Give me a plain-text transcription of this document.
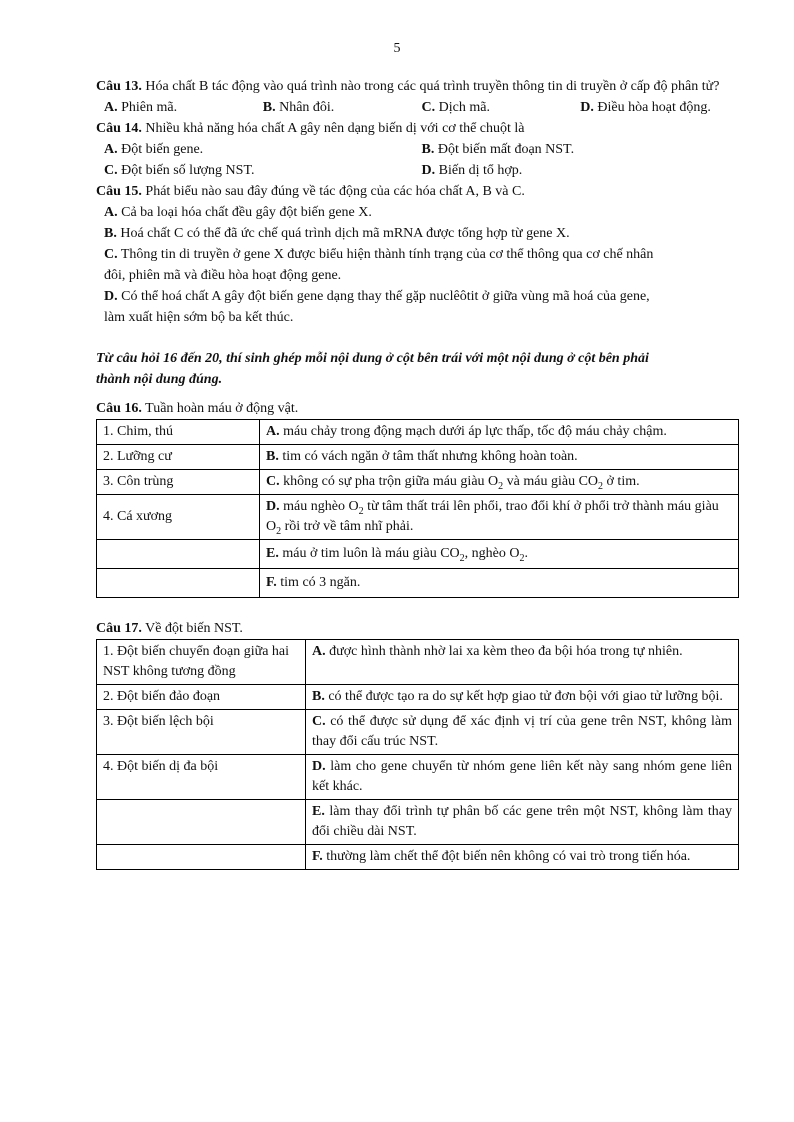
5
Câu 13. Hóa chất B tác động vào quá trình nào trong các quá trình truyền thông tin di truyền ở cấp độ phân tử?
A. Phiên mã.	B. Nhân đôi.	C. Dịch mã.	D. Điều hòa hoạt động.
Câu 14. Nhiều khả năng hóa chất A gây nên dạng biến dị với cơ thể chuột là
A. Đột biến gene.	B. Đột biến mất đoạn NST.
C. Đột biến số lượng NST.	D. Biến dị tổ hợp.
Câu 15. Phát biểu nào sau đây đúng về tác động của các hóa chất A, B và C.
A. Cả ba loại hóa chất đều gây đột biến gene X.
B. Hoá chất C có thể đã ức chế quá trình dịch mã mRNA được tổng hợp từ gene X.
C. Thông tin di truyền ở gene X được biểu hiện thành tính trạng của cơ thể thông qua cơ chế nhân
đôi, phiên mã và điều hòa hoạt động gene.
D. Có thể hoá chất A gây đột biến gene dạng thay thế gặp nuclêôtit ở giữa vùng mã hoá của gene,
làm xuất hiện sớm bộ ba kết thúc.
Từ câu hỏi 16 đến 20, thí sinh ghép mỗi nội dung ở cột bên trái với một nội dung ở cột bên phải
thành nội dung đúng.
Câu 16. Tuần hoàn máu ở động vật.
1. Chim, thú	A. máu chảy trong động mạch dưới áp lực thấp, tốc độ máu chảy chậm.
2. Lưỡng cư	B. tim có vách ngăn ở tâm thất nhưng không hoàn toàn.
3. Côn trùng	C. không có sự pha trộn giữa máu giàu $O_2$ và máu giàu $CO_2$ ở tim.
4. Cá xương	D. máu nghèo $O_2$ từ tâm thất trái lên phổi, trao đổi khí ở phổi trở thành máu giàu $O_2$ rồi trở về tâm nhĩ phải.
	E. máu ở tim luôn là máu giàu $CO_2$, nghèo $O_2$.
	F. tim có 3 ngăn.
Câu 17. Về đột biến NST.
1. Đột biến chuyển đoạn giữa hai NST không tương đồng	A. được hình thành nhờ lai xa kèm theo đa bội hóa trong tự nhiên.
2. Đột biến đảo đoạn	B. có thể được tạo ra do sự kết hợp giao tử đơn bội với giao tử lưỡng bội.
3. Đột biến lệch bội	C. có thể được sử dụng để xác định vị trí của gene trên NST, không làm thay đổi cấu trúc NST.
4. Đột biến dị đa bội	D. làm cho gene chuyển từ nhóm gene liên kết này sang nhóm gene liên kết khác.
	E. làm thay đổi trình tự phân bố các gene trên một NST, không làm thay đổi chiều dài NST.
	F. thường làm chết thể đột biến nên không có vai trò trong tiến hóa.
